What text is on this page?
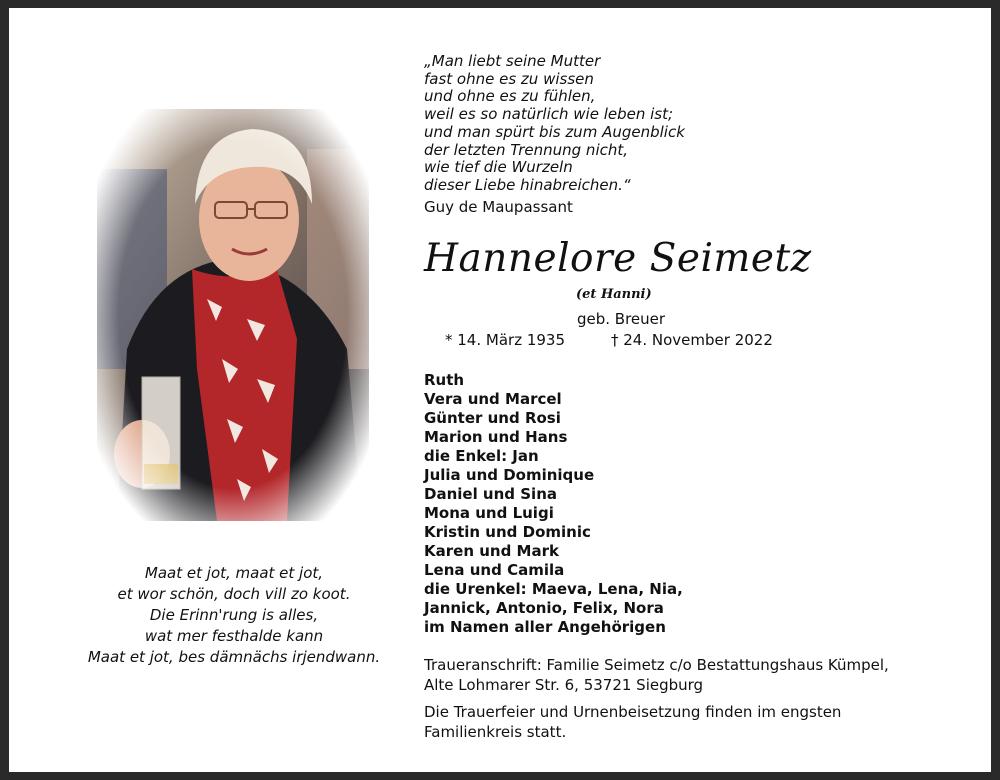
Maat et jot, maat et jot,
et wor schön, doch vill zo koot.
Die Erinn'rung is alles,
wat mer festhalde kann
Maat et jot, bes dämnächs irjendwann.
„Man liebt seine Mutter
fast ohne es zu wissen
und ohne es zu fühlen,
weil es so natürlich wie leben ist;
und man spürt bis zum Augenblick
der letzten Trennung nicht,
wie tief die Wurzeln
dieser Liebe hinabreichen.“
Guy de Maupassant
Hannelore Seimetz
(et Hanni)
geb. Breuer
* 14. März 1935	† 24. November 2022
Ruth
Vera und Marcel
Günter und Rosi
Marion und Hans
die Enkel: Jan
Julia und Dominique
Daniel und Sina
Mona und Luigi
Kristin und Dominic
Karen und Mark
Lena und Camila
die Urenkel: Maeva, Lena, Nia,
Jannick, Antonio, Felix, Nora
im Namen aller Angehörigen
Traueranschrift: Familie Seimetz c/o Bestattungshaus Kümpel,
Alte Lohmarer Str. 6, 53721 Siegburg
Die Trauerfeier und Urnenbeisetzung finden im engsten
Familienkreis statt.
